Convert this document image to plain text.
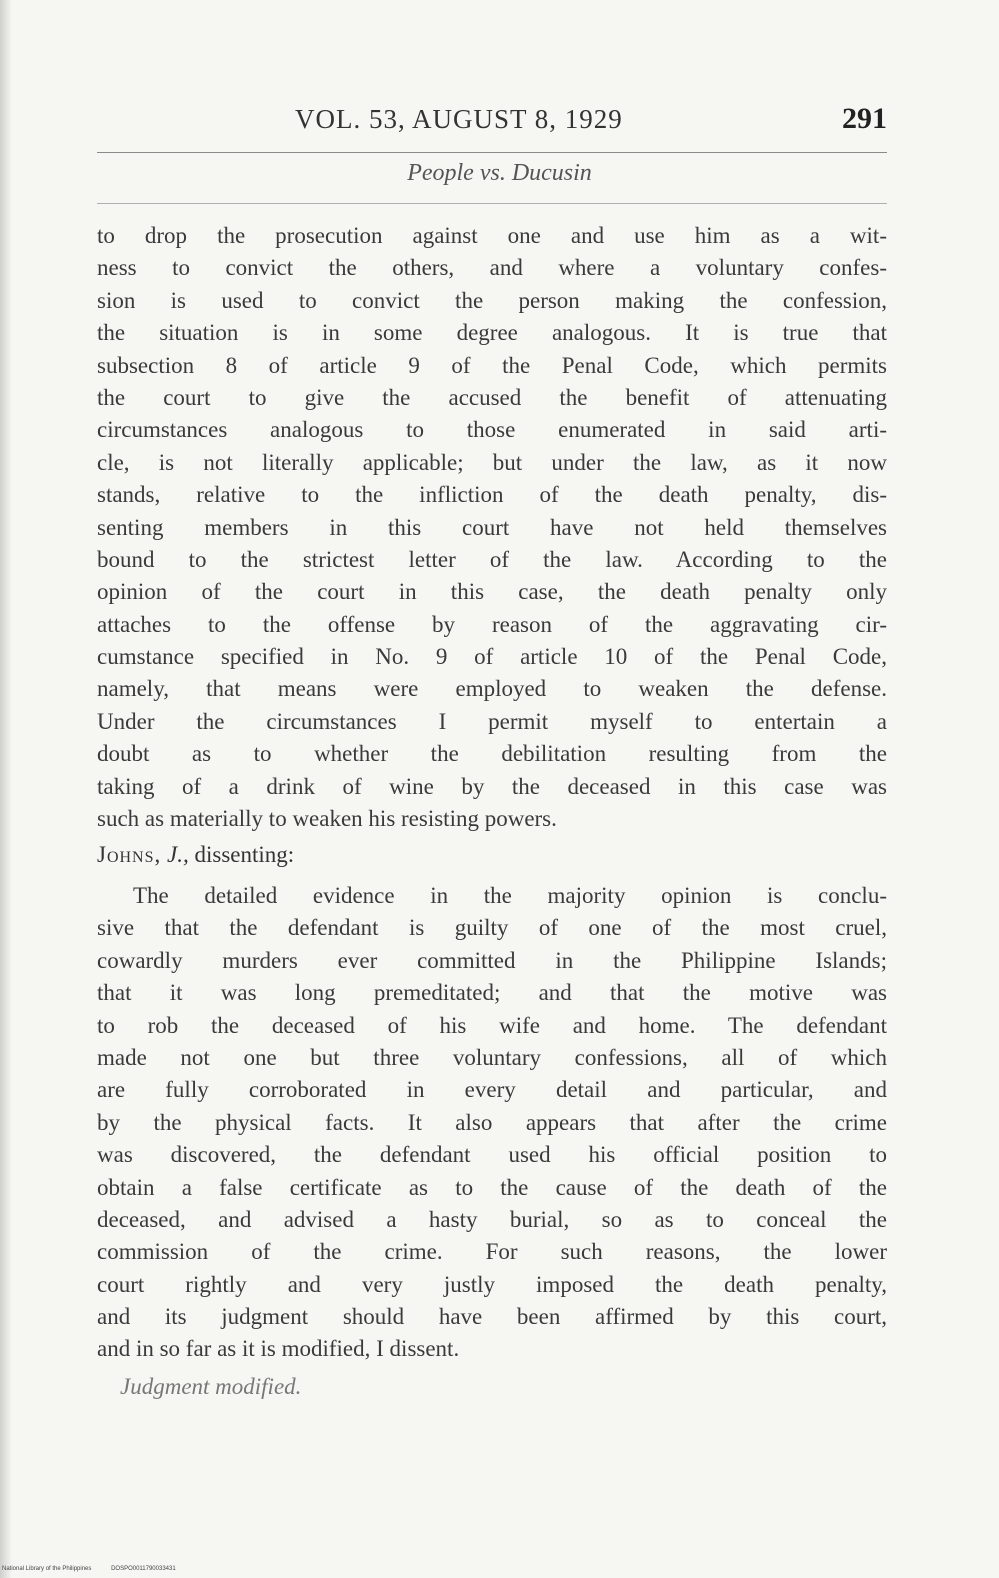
VOL. 53, AUGUST 8, 1929	291
People vs. Ducusin
to drop the prosecution against one and use him as a wit-
ness to convict the others, and where a voluntary confes-
sion is used to convict the person making the confession,
the situation is in some degree analogous. It is true that
subsection 8 of article 9 of the Penal Code, which permits
the court to give the accused the benefit of attenuating
circumstances analogous to those enumerated in said arti-
cle, is not literally applicable; but under the law, as it now
stands, relative to the infliction of the death penalty, dis-
senting members in this court have not held themselves
bound to the strictest letter of the law. According to the
opinion of the court in this case, the death penalty only
attaches to the offense by reason of the aggravating cir-
cumstance specified in No. 9 of article 10 of the Penal Code,
namely, that means were employed to weaken the defense.
Under the circumstances I permit myself to entertain a
doubt as to whether the debilitation resulting from the
taking of a drink of wine by the deceased in this case was
such as materially to weaken his resisting powers.
Johns, J., dissenting:
The detailed evidence in the majority opinion is conclu-
sive that the defendant is guilty of one of the most cruel,
cowardly murders ever committed in the Philippine Islands;
that it was long premeditated; and that the motive was
to rob the deceased of his wife and home. The defendant
made not one but three voluntary confessions, all of which
are fully corroborated in every detail and particular, and
by the physical facts. It also appears that after the crime
was discovered, the defendant used his official position to
obtain a false certificate as to the cause of the death of the
deceased, and advised a hasty burial, so as to conceal the
commission of the crime. For such reasons, the lower
court rightly and very justly imposed the death penalty,
and its judgment should have been affirmed by this court,
and in so far as it is modified, I dissent.
Judgment modified.
National Library of the Philippines	DOSPO0011790033431
